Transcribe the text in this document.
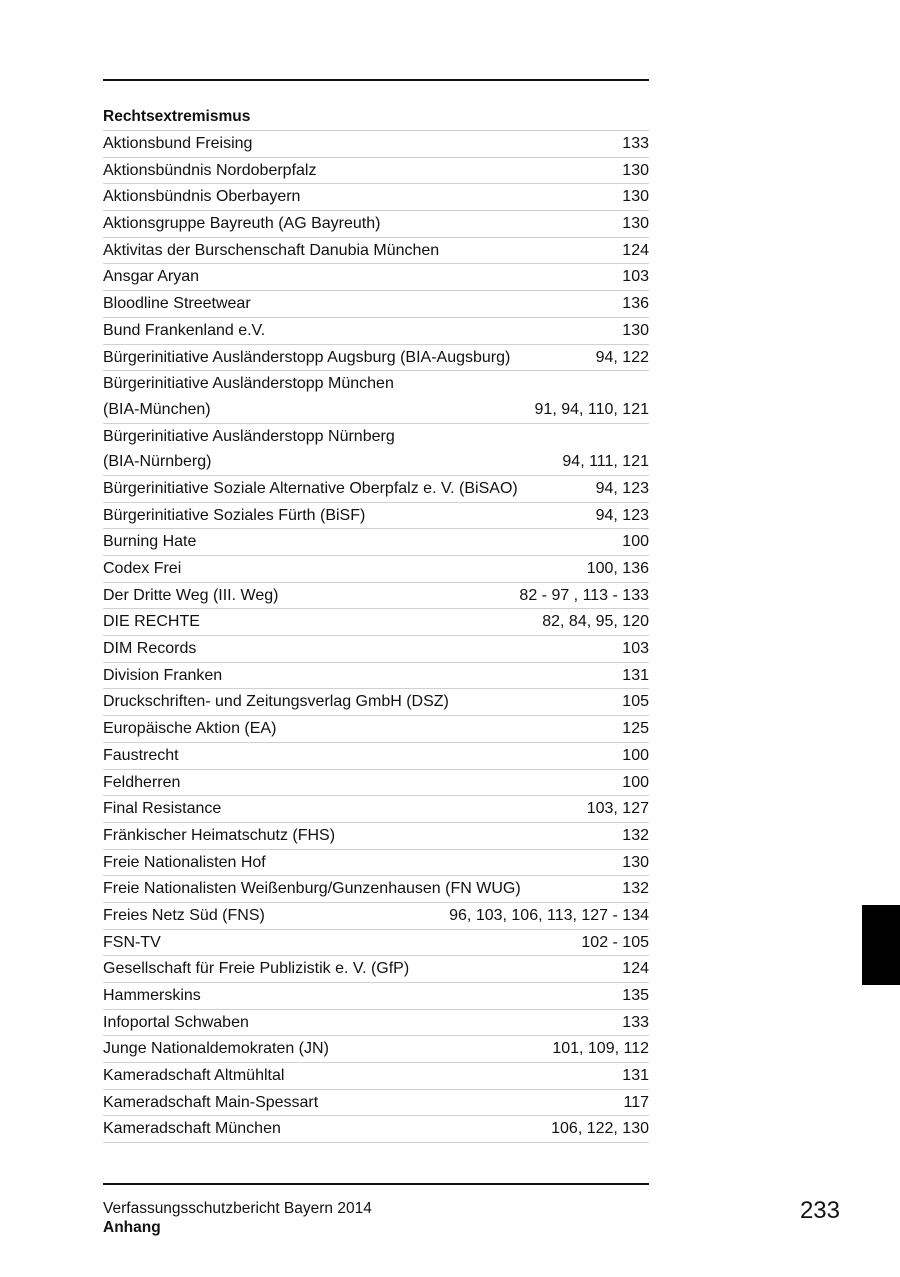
Rechtsextremismus
Aktionsbund Freising	133
Aktionsbündnis Nordoberpfalz	130
Aktionsbündnis Oberbayern	130
Aktionsgruppe Bayreuth (AG Bayreuth)	130
Aktivitas der Burschenschaft Danubia München	124
Ansgar Aryan	103
Bloodline Streetwear	136
Bund Frankenland e.V.	130
Bürgerinitiative Ausländerstopp Augsburg (BIA-Augsburg)	94, 122
Bürgerinitiative Ausländerstopp München
(BIA-München)	91, 94, 110, 121
Bürgerinitiative Ausländerstopp Nürnberg
(BIA-Nürnberg)	94, 111, 121
Bürgerinitiative Soziale Alternative Oberpfalz e. V. (BiSAO)	94, 123
Bürgerinitiative Soziales Fürth (BiSF)	94, 123
Burning Hate	100
Codex Frei	100, 136
Der Dritte Weg (III. Weg)	82 - 97 , 113 - 133
DIE RECHTE	82, 84, 95, 120
DIM Records	103
Division Franken	131
Druckschriften- und Zeitungsverlag GmbH (DSZ)	105
Europäische Aktion (EA)	125
Faustrecht	100
Feldherren	100
Final Resistance	103, 127
Fränkischer Heimatschutz (FHS)	132
Freie Nationalisten Hof	130
Freie Nationalisten Weißenburg/Gunzenhausen (FN WUG)	132
Freies Netz Süd (FNS)	96, 103, 106, 113, 127 - 134
FSN-TV	102 - 105
Gesellschaft für Freie Publizistik e. V. (GfP)	124
Hammerskins	135
Infoportal Schwaben	133
Junge Nationaldemokraten (JN)	101, 109, 112
Kameradschaft Altmühltal	131
Kameradschaft Main-Spessart	117
Kameradschaft München	106, 122, 130
Verfassungsschutzbericht Bayern 2014
Anhang
233
